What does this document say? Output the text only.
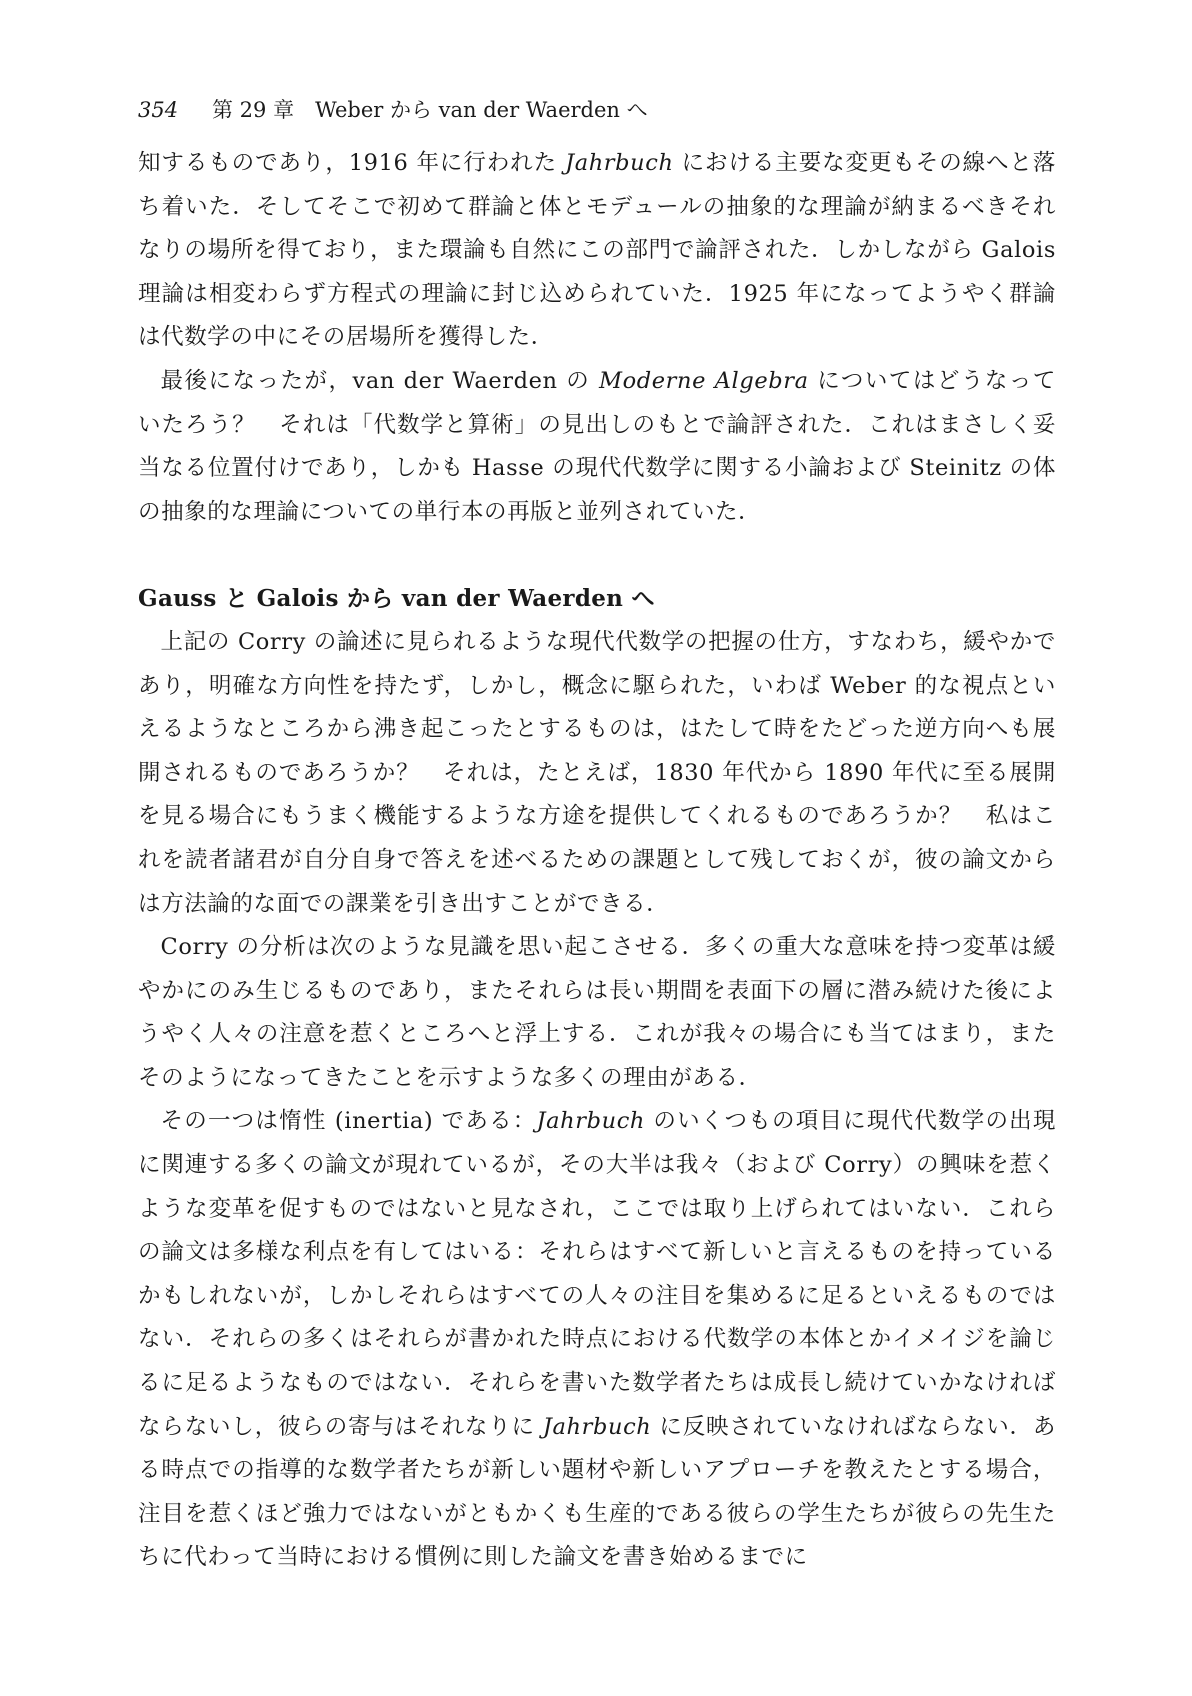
354 第 29 章　Weber から van der Waerden へ

知するものであり，1916 年に行われた Jahrbuch における主要な変更もその線へと落ち着いた．そしてそこで初めて群論と体とモデュールの抽象的な理論が納まるべきそれなりの場所を得ており，また環論も自然にこの部門で論評された．しかしながら Galois 理論は相変わらず方程式の理論に封じ込められていた．1925 年になってようやく群論は代数学の中にその居場所を獲得した．

最後になったが，van der Waerden の Moderne Algebra についてはどうなっていたろう？　それは「代数学と算術」の見出しのもとで論評された．これはまさしく妥当なる位置付けであり，しかも Hasse の現代代数学に関する小論および Steinitz の体の抽象的な理論についての単行本の再版と並列されていた．

Gauss と Galois から van der Waerden へ

上記の Corry の論述に見られるような現代代数学の把握の仕方，すなわち，緩やかであり，明確な方向性を持たず，しかし，概念に駆られた，いわば Weber 的な視点といえるようなところから沸き起こったとするものは，はたして時をたどった逆方向へも展開されるものであろうか？　それは，たとえば，1830 年代から 1890 年代に至る展開を見る場合にもうまく機能するような方途を提供してくれるものであろうか？　私はこれを読者諸君が自分自身で答えを述べるための課題として残しておくが，彼の論文からは方法論的な面での課業を引き出すことができる．

Corry の分析は次のような見識を思い起こさせる．多くの重大な意味を持つ変革は緩やかにのみ生じるものであり，またそれらは長い期間を表面下の層に潜み続けた後にようやく人々の注意を惹くところへと浮上する．これが我々の場合にも当てはまり，またそのようになってきたことを示すような多くの理由がある．

その一つは惰性 (inertia) である：Jahrbuch のいくつもの項目に現代代数学の出現に関連する多くの論文が現れているが，その大半は我々（および Corry）の興味を惹くような変革を促すものではないと見なされ，ここでは取り上げられてはいない．これらの論文は多様な利点を有してはいる：それらはすべて新しいと言えるものを持っているかもしれないが，しかしそれらはすべての人々の注目を集めるに足るといえるものではない．それらの多くはそれらが書かれた時点における代数学の本体とかイメイジを論じるに足るようなものではない．それらを書いた数学者たちは成長し続けていかなければならないし，彼らの寄与はそれなりに Jahrbuch に反映されていなければならない．ある時点での指導的な数学者たちが新しい題材や新しいアプローチを教えたとする場合，注目を惹くほど強力ではないがともかくも生産的である彼らの学生たちが彼らの先生たちに代わって当時における慣例に則した論文を書き始めるまでに
